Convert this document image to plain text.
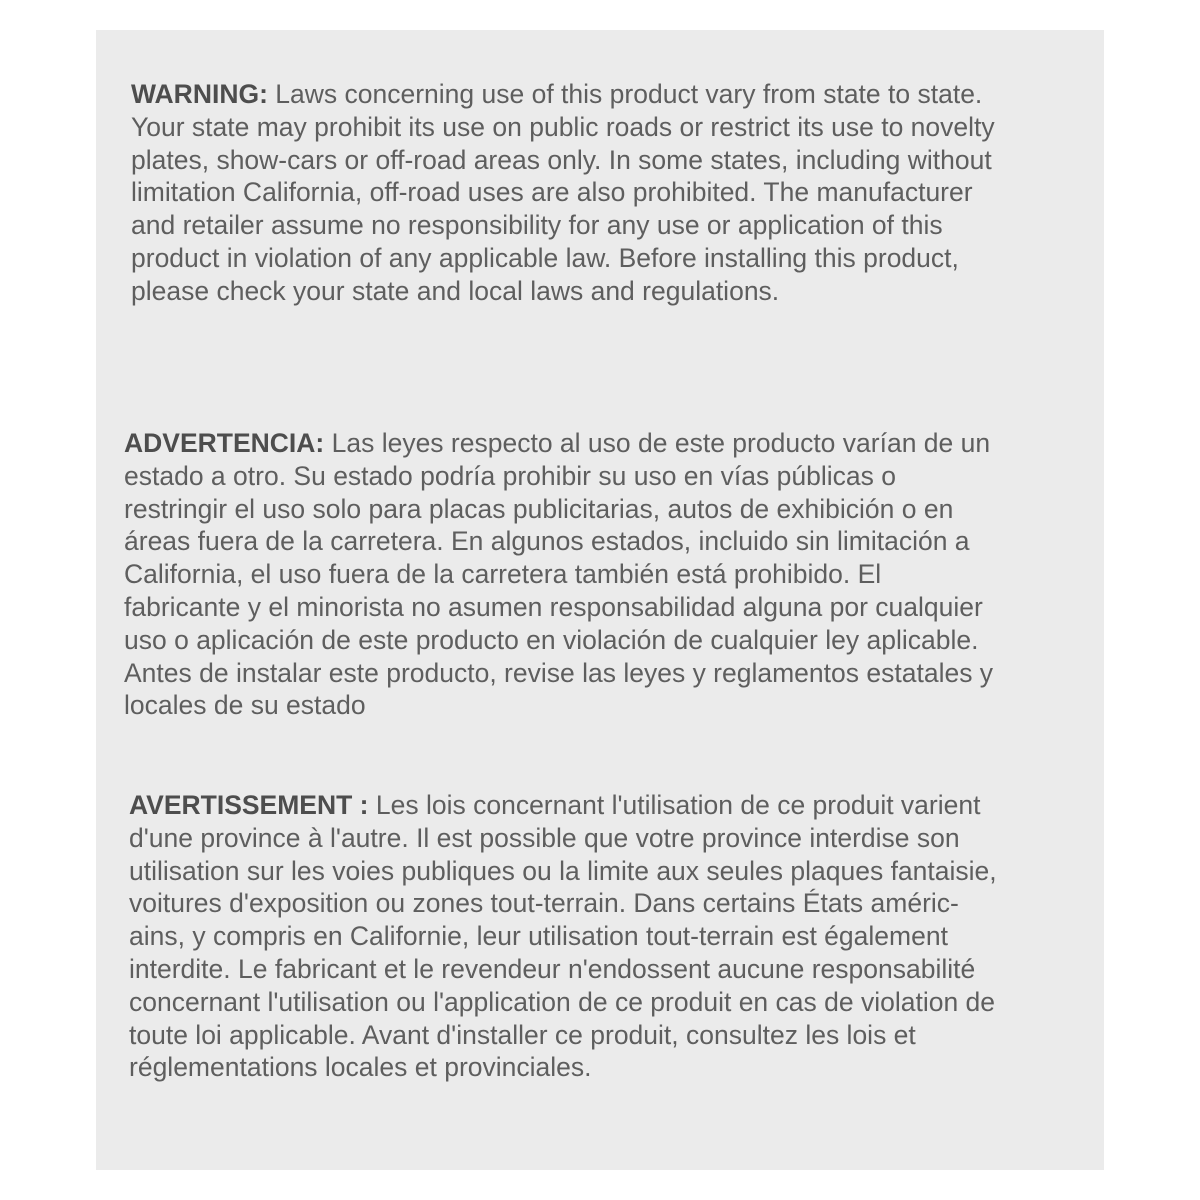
WARNING: Laws concerning use of this product vary from state to state.
Your state may prohibit its use on public roads or restrict its use to novelty
plates, show-cars or off-road areas only. In some states, including without
limitation California, off-road uses are also prohibited. The manufacturer
and retailer assume no responsibility for any use or application of this
product in violation of any applicable law. Before installing this product,
please check your state and local laws and regulations.

ADVERTENCIA: Las leyes respecto al uso de este producto varían de un
estado a otro. Su estado podría prohibir su uso en vías públicas o
restringir el uso solo para placas publicitarias, autos de exhibición o en
áreas fuera de la carretera. En algunos estados, incluido sin limitación a
California, el uso fuera de la carretera también está prohibido. El
fabricante y el minorista no asumen responsabilidad alguna por cualquier
uso o aplicación de este producto en violación de cualquier ley aplicable.
Antes de instalar este producto, revise las leyes y reglamentos estatales y
locales de su estado

AVERTISSEMENT : Les lois concernant l'utilisation de ce produit varient
d'une province à l'autre. Il est possible que votre province interdise son
utilisation sur les voies publiques ou la limite aux seules plaques fantaisie,
voitures d'exposition ou zones tout-terrain. Dans certains États améric-
ains, y compris en Californie, leur utilisation tout-terrain est également
interdite. Le fabricant et le revendeur n'endossent aucune responsabilité
concernant l'utilisation ou l'application de ce produit en cas de violation de
toute loi applicable. Avant d'installer ce produit, consultez les lois et
réglementations locales et provinciales.
